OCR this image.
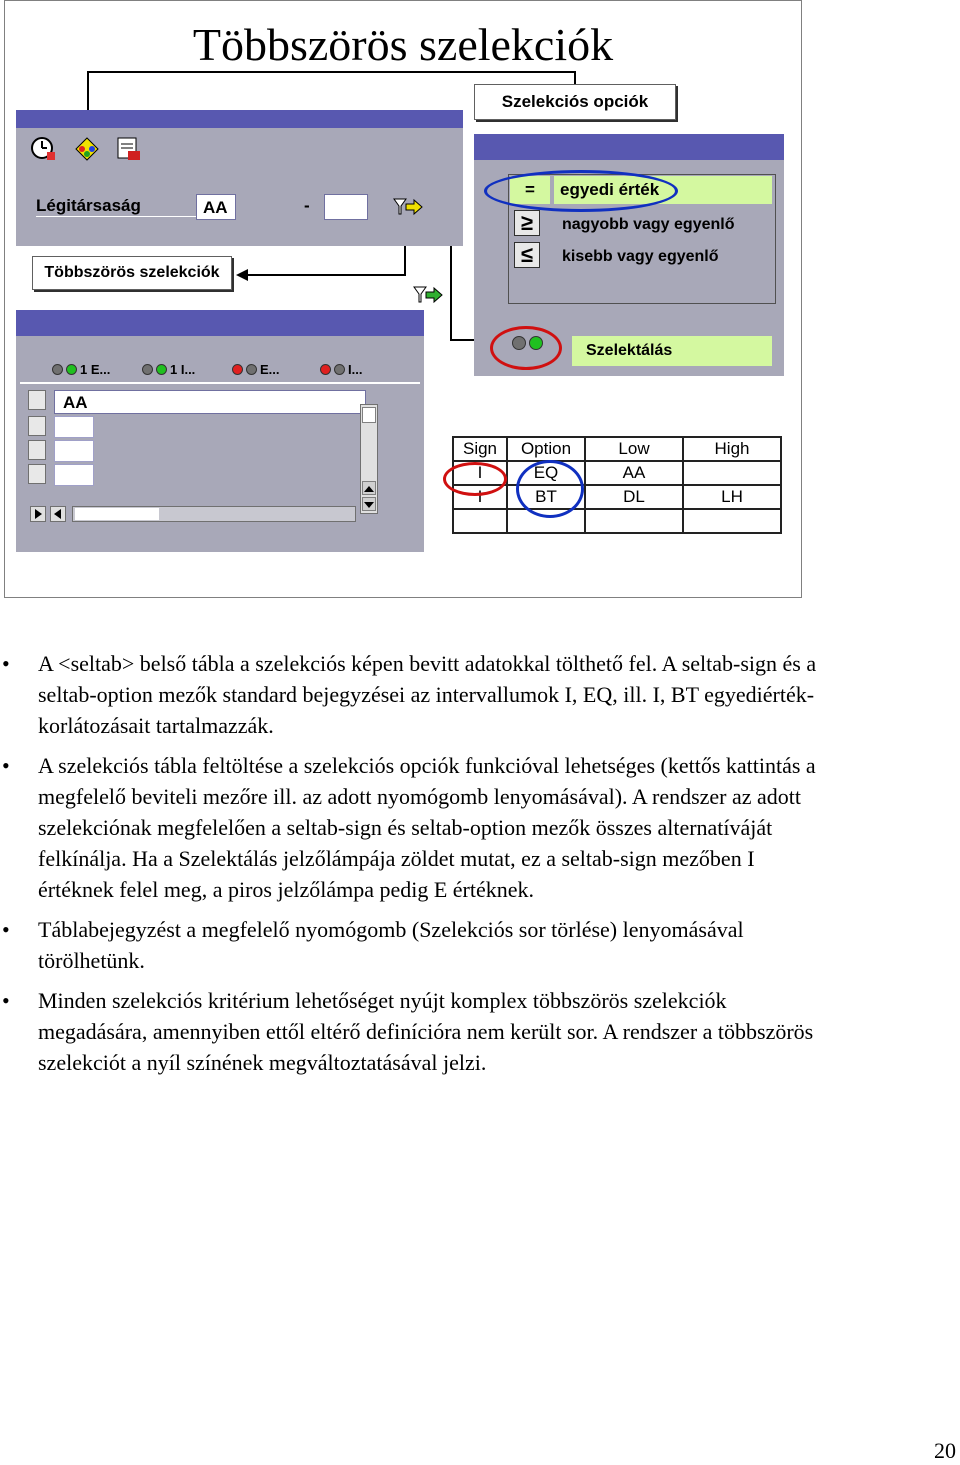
Többszörös szelekciók
Szelekciós opciók
Légitársaság	AA	-
Többszörös szelekciók
=	egyedi érték
≥	nagyobb vagy egyenlő
≤	kisebb vagy egyenlő
Szelektálás
1 E...	1 I...	E...	I...
AA
Sign	Option	Low	High
I	EQ	AA	
I	BT	DL	LH

• A <seltab> belső tábla a szelekciós képen bevitt adatokkal tölthető fel. A seltab-sign és a seltab-option mezők standard bejegyzései az intervallumok I, EQ, ill. I, BT egyediérték-korlátozásait tartalmazzák.
• A szelekciós tábla feltöltése a szelekciós opciók funkcióval lehetséges (kettős kattintás a megfelelő beviteli mezőre ill. az adott nyomógomb lenyomásával). A rendszer az adott szelekciónak megfelelően a seltab-sign és seltab-option mezők összes alternatíváját felkínálja. Ha a Szelektálás jelzőlámpája zöldet mutat, ez a seltab-sign mezőben I értéknek felel meg, a piros jelzőlámpa pedig E értéknek.
• Táblabejegyzést a megfelelő nyomógomb (Szelekciós sor törlése) lenyomásával törölhetünk.
• Minden szelekciós kritérium lehetőséget nyújt komplex többszörös szelekciók megadására, amennyiben ettől eltérő definícióra nem került sor. A rendszer a többszörös szelekciót a nyíl színének megváltoztatásával jelzi.
20
